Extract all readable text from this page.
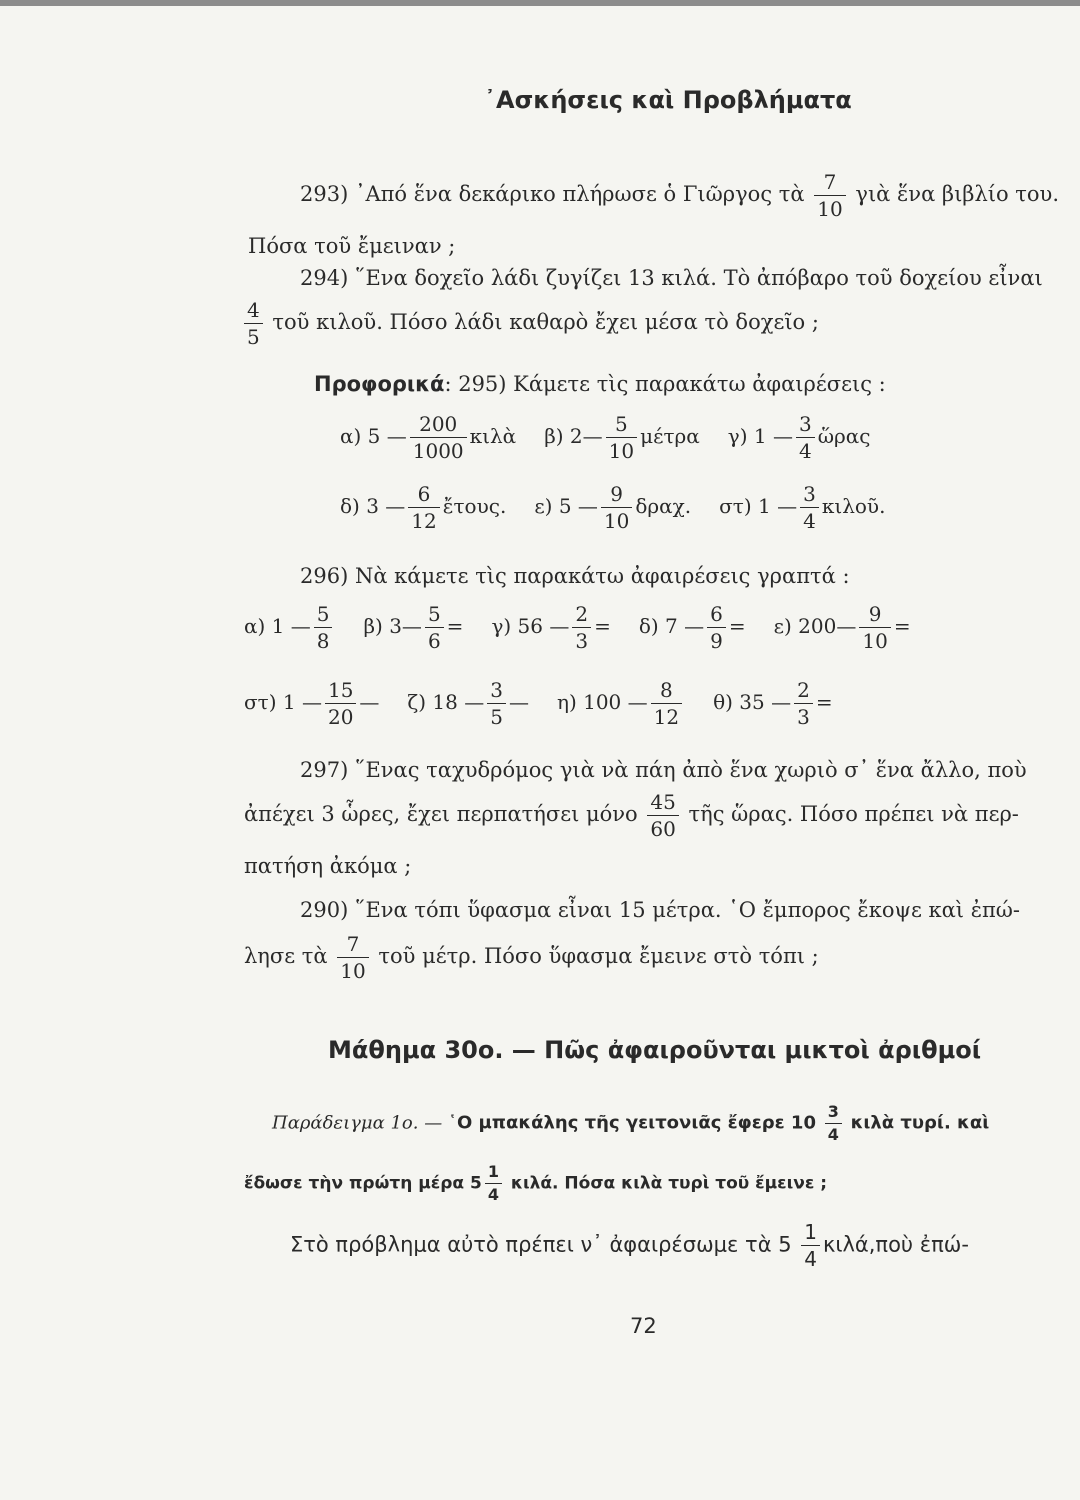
᾿Ασκήσεις καὶ Προβλήματα
293) ᾿Από ἕνα δεκάρικο πλήρωσε ὁ Γιῶργος τὰ $\frac{7}{10}$ γιὰ ἕνα βιβλίο του.
Πόσα τοῦ ἔμειναν ;
294) ῞Ενα δοχεῖο λάδι ζυγίζει 13 κιλά. Τὸ ἀπόβαρο τοῦ δοχείου εἶναι
$\frac{4}{5}$ τοῦ κιλοῦ. Πόσο λάδι καθαρὸ ἔχει μέσα τὸ δοχεῖο ;
Προφορικά: 295) Κάμετε τὶς παρακάτω ἀφαιρέσεις :
α) 5 — $\frac{200}{1000}$ κιλὰ β) 2— $\frac{5}{10}$ μέτρα γ) 1 — $\frac{3}{4}$ ὥρας
δ) 3 — $\frac{6}{12}$ ἔτους. ε) 5 — $\frac{9}{10} \delta\rho\alpha\chi$. στ) 1 — $\frac{3}{4}$ κιλοῦ.
296) Νὰ κάμετε τὶς παρακάτω ἀφαιρέσεις γραπτά :
α) 1 — $\frac{5}{8} \beta$) 3— $\frac{5}{6} = \gamma$) 56 — $\frac{2}{3} = \delta$) 7 — $\frac{6}{9} = \varepsilon$) 200— $\frac{9}{10}$ =
στ) 1 — $\frac{15}{20}$ — ζ) 18 — $\frac{3}{5}$ — η) 100 — $\frac{8}{12} \theta$) 35 — $\frac{2}{3}$ =
297) ῞Ενας ταχυδρόμος γιὰ νὰ πάη ἀπὸ ἕνα χωριὸ σ᾿ ἕνα ἄλλο, ποὺ
ἀπέχει 3 ὧρες, ἔχει περπατήσει μόνο $\frac{45}{60}$ τῆς ὥρας. Πόσο πρέπει νὰ περ-
πατήση ἀκόμα ;
290) ῞Ενα τόπι ὕφασμα εἶναι 15 μέτρα. ῾Ο ἔμπορος ἔκοψε καὶ ἐπώ-
λησε τὰ $\frac{7}{10}$ τοῦ μέτρ. Πόσο ὕφασμα ἔμεινε στὸ τόπι ;
Μάθημα 30ο. — Πῶς ἀφαιροῦνται μικτοὶ ἀριθμοί
Παράδειγμα 1ο. — ῾Ο μπακάλης τῆς γειτονιᾶς ἔφερε $10 \frac{3}{4}$ κιλὰ τυρί. καὶ
ἔδωσε τὴν πρώτη μέρα $5 \frac{1}{4} \kappa\iota\lambda ά$. Πόσα κιλὰ τυρὶ τοῦ ἔμεινε ;
Στὸ πρόβλημα αὐτὸ πρέπει ν᾿ ἀφαιρέσωμε τὰ $5 \frac{1}{4}$ κιλά,ποὺ ἐπώ-
72
